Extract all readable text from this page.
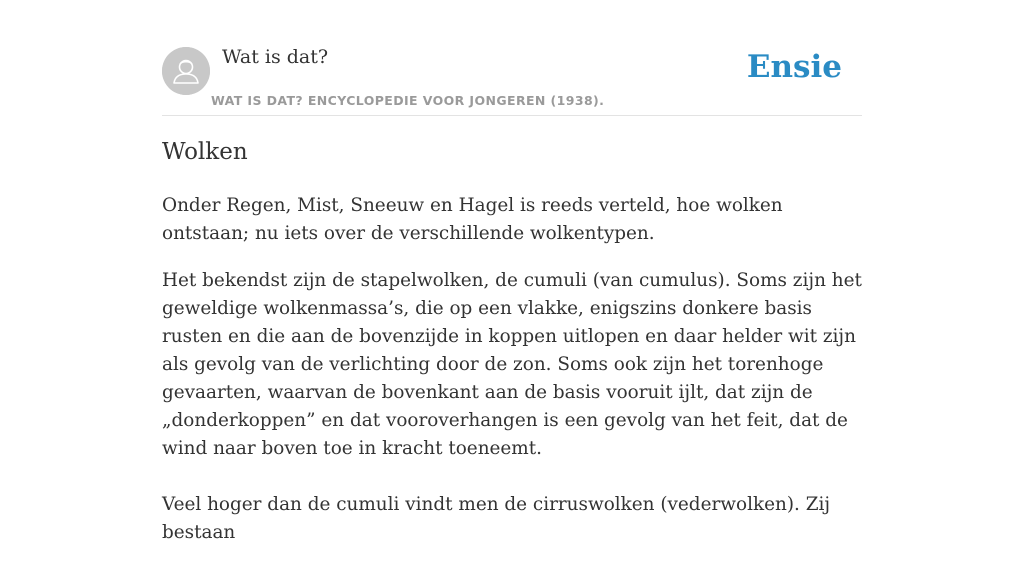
Wat is dat?
WAT IS DAT? ENCYCLOPEDIE VOOR JONGEREN (1938).
Ensie
Wolken

Onder Regen, Mist, Sneeuw en Hagel is reeds verteld, hoe wolken ontstaan; nu iets over de verschillende wolkentypen.

Het bekendst zijn de stapelwolken, de cumuli (van cumulus). Soms zijn het geweldige wolkenmassa’s, die op een vlakke, enigszins donkere basis rusten en die aan de bovenzijde in koppen uitlopen en daar helder wit zijn als gevolg van de verlichting door de zon. Soms ook zijn het torenhoge gevaarten, waarvan de bovenkant aan de basis vooruit ijlt, dat zijn de „donderkoppen” en dat vooroverhangen is een gevolg van het feit, dat de wind naar boven toe in kracht toeneemt.

Veel hoger dan de cumuli vindt men de cirruswolken (vederwolken). Zij bestaan
